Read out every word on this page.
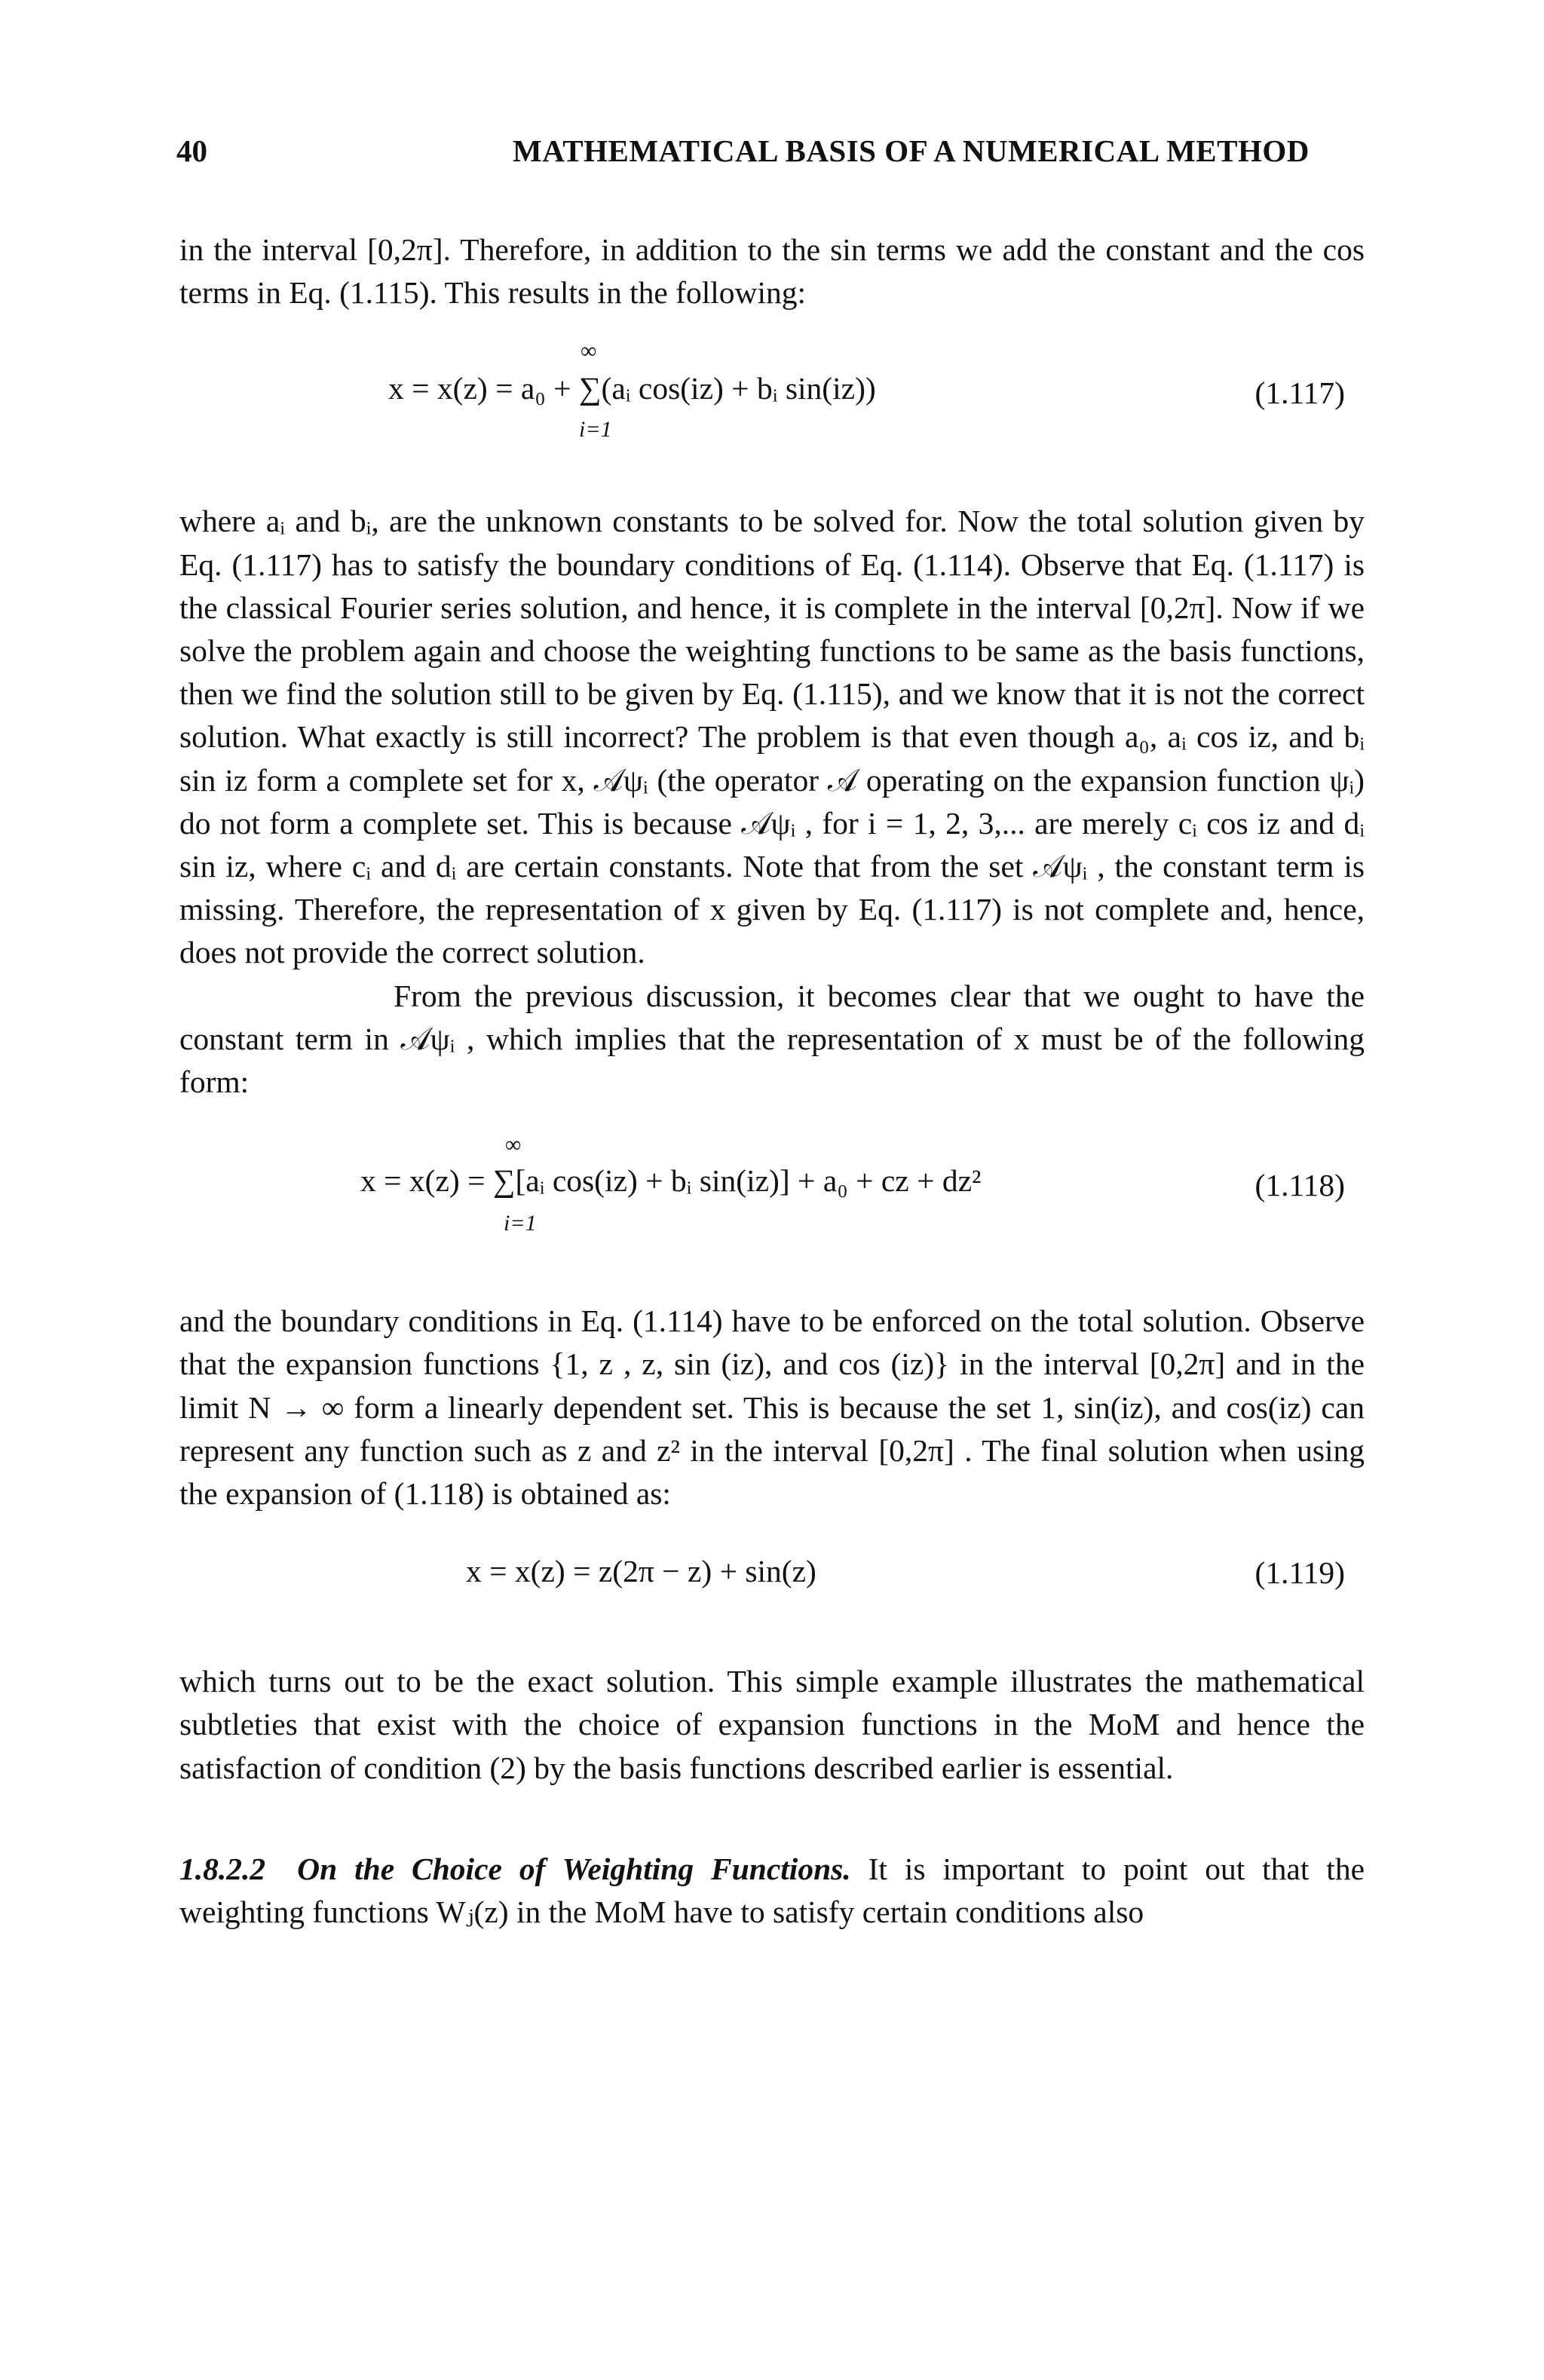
40	MATHEMATICAL BASIS OF A NUMERICAL METHOD

in the interval [0,2π]. Therefore, in addition to the sin terms we add the constant and the cos terms in Eq. (1.115). This results in the following:

∞
x = x(z) = a₀ + ∑(aᵢ cos(iz) + bᵢ sin(iz))
i=1
(1.117)

where aᵢ and bᵢ, are the unknown constants to be solved for. Now the total solution given by Eq. (1.117) has to satisfy the boundary conditions of Eq. (1.114). Observe that Eq. (1.117) is the classical Fourier series solution, and hence, it is complete in the interval [0,2π]. Now if we solve the problem again and choose the weighting functions to be same as the basis functions, then we find the solution still to be given by Eq. (1.115), and we know that it is not the correct solution. What exactly is still incorrect? The problem is that even though a₀, aᵢ cos iz, and bᵢ sin iz form a complete set for x, 𝒜ψᵢ (the operator 𝒜 operating on the expansion function ψᵢ) do not form a complete set. This is because 𝒜ψᵢ , for i = 1, 2, 3,... are merely cᵢ cos iz and dᵢ sin iz, where cᵢ and dᵢ are certain constants. Note that from the set 𝒜ψᵢ , the constant term is missing. Therefore, the representation of x given by Eq. (1.117) is not complete and, hence, does not provide the correct solution.

From the previous discussion, it becomes clear that we ought to have the constant term in 𝒜ψᵢ , which implies that the representation of x must be of the following form:

∞
x = x(z) = ∑[aᵢ cos(iz) + bᵢ sin(iz)] + a₀ + cz + dz²
i=1
(1.118)

and the boundary conditions in Eq. (1.114) have to be enforced on the total solution. Observe that the expansion functions {1, z , z, sin (iz), and cos (iz)} in the interval [0,2π] and in the limit N → ∞ form a linearly dependent set. This is because the set 1, sin(iz), and cos(iz) can represent any function such as z and z² in the interval [0,2π] . The final solution when using the expansion of (1.118) is obtained as:

x = x(z) = z(2π − z) + sin(z)	(1.119)

which turns out to be the exact solution. This simple example illustrates the mathematical subtleties that exist with the choice of expansion functions in the MoM and hence the satisfaction of condition (2) by the basis functions described earlier is essential.

1.8.2.2 On the Choice of Weighting Functions. It is important to point out that the weighting functions Wⱼ(z) in the MoM have to satisfy certain conditions also
